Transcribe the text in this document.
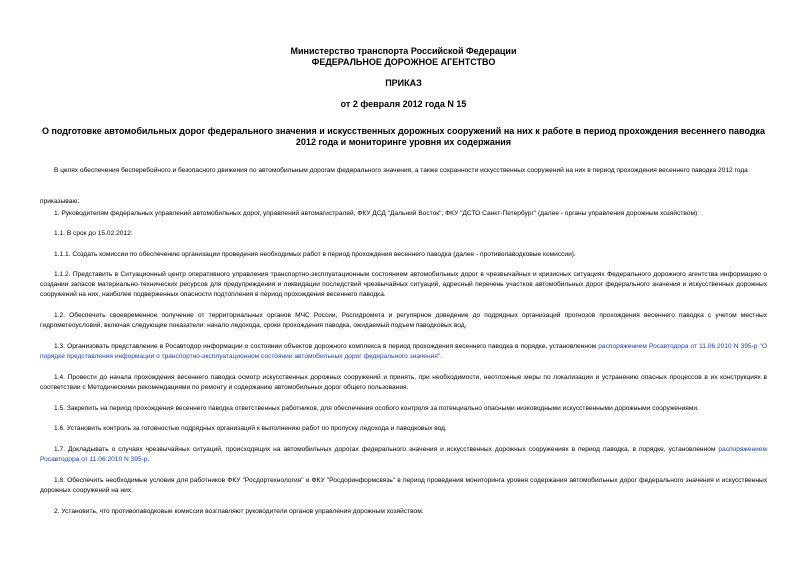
Министерство транспорта Российской Федерации
ФЕДЕРАЛЬНОЕ ДОРОЖНОЕ АГЕНТСТВО
ПРИКАЗ
от 2 февраля 2012 года N 15
О подготовке автомобильных дорог федерального значения и искусственных дорожных сооружений на них к работе в период прохождения весеннего паводка
2012 года и мониторинге уровня их содержания
В целях обеспечения бесперебойного и безопасного движения по автомобильным дорогам федерального значения, а также сохранности искусственных сооружений на них в период прохождения весеннего паводка 2012 года
приказываю:
1. Руководителям федеральных управлений автомобильных дорог, управлений автомагистралей, ФКУ ДСД "Дальний Восток", ФКУ "ДСТО Санкт-Петербург" (далее - органы управления дорожным хозяйством):
1.1. В срок до 15.02.2012:
1.1.1. Создать комиссии по обеспечению организации проведения необходимых работ в период прохождения весеннего паводка (далее - противопаводковые комиссии).
1.1.2. Представить в Ситуационный центр оперативного управления транспортно-эксплуатационным состоянием автомобильных дорог в чрезвычайных и кризисных ситуациях Федерального дорожного агентства информацию о создании запасов материально-технических ресурсов для предупреждения и ликвидации последствий чрезвычайных ситуаций, адресный перечень участков автомобильных дорог федерального значения и искусственных дорожных сооружений на них, наиболее подверженных опасности подтопления в период прохождения весеннего паводка.
1.2. Обеспечить своевременное получение от территориальных органов МЧС России, Росгидромета и регулярное доведение до подрядных организаций прогнозов прохождения весеннего паводка с учетом местных гидрометеоусловий, включая следующие показатели: начало ледохода, сроки прохождения паводка, ожидаемый подъем паводковых вод.
1.3. Организовать представление в Росавтодор информации о состоянии объектов дорожного комплекса в период прохождения весеннего паводка в порядке, установленном распоряжением Росавтодора от 11.06.2010 N 395-р "О порядке представления информации о транспортно-эксплуатационном состоянии автомобильных дорог федерального значения".
1.4. Провести до начала прохождения весеннего паводка осмотр искусственных дорожных сооружений и принять, при необходимости, неотложные меры по локализации и устранению опасных процессов в их конструкциях в соответствии с Методическими рекомендациями по ремонту и содержанию автомобильных дорог общего пользования.
1.5. Закрепить на период прохождения весеннего паводка ответственных работников, для обеспечения особого контроля за потенциально опасными низководными искусственными дорожными сооружениями.
1.6. Установить контроль за готовностью подрядных организаций к выполнению работ по пропуску ледохода и паводковых вод.
1.7. Докладывать о случаях чрезвычайных ситуаций, происходящих на автомобильных дорогах федерального значения и искусственных дорожных сооружениях в период паводка, в порядке, установленном распоряжением Росавтодора от 11.06.2010 N 395-р.
1.8. Обеспечить необходимые условия для работников ФКУ "Росдортехнология" и ФКУ "Росдоринформсвязь" в период проведения мониторинга уровня содержания автомобильных дорог федерального значения и искусственных дорожных сооружений на них.
2. Установить, что противопаводковые комиссии возглавляют руководители органов управления дорожным хозяйством.
